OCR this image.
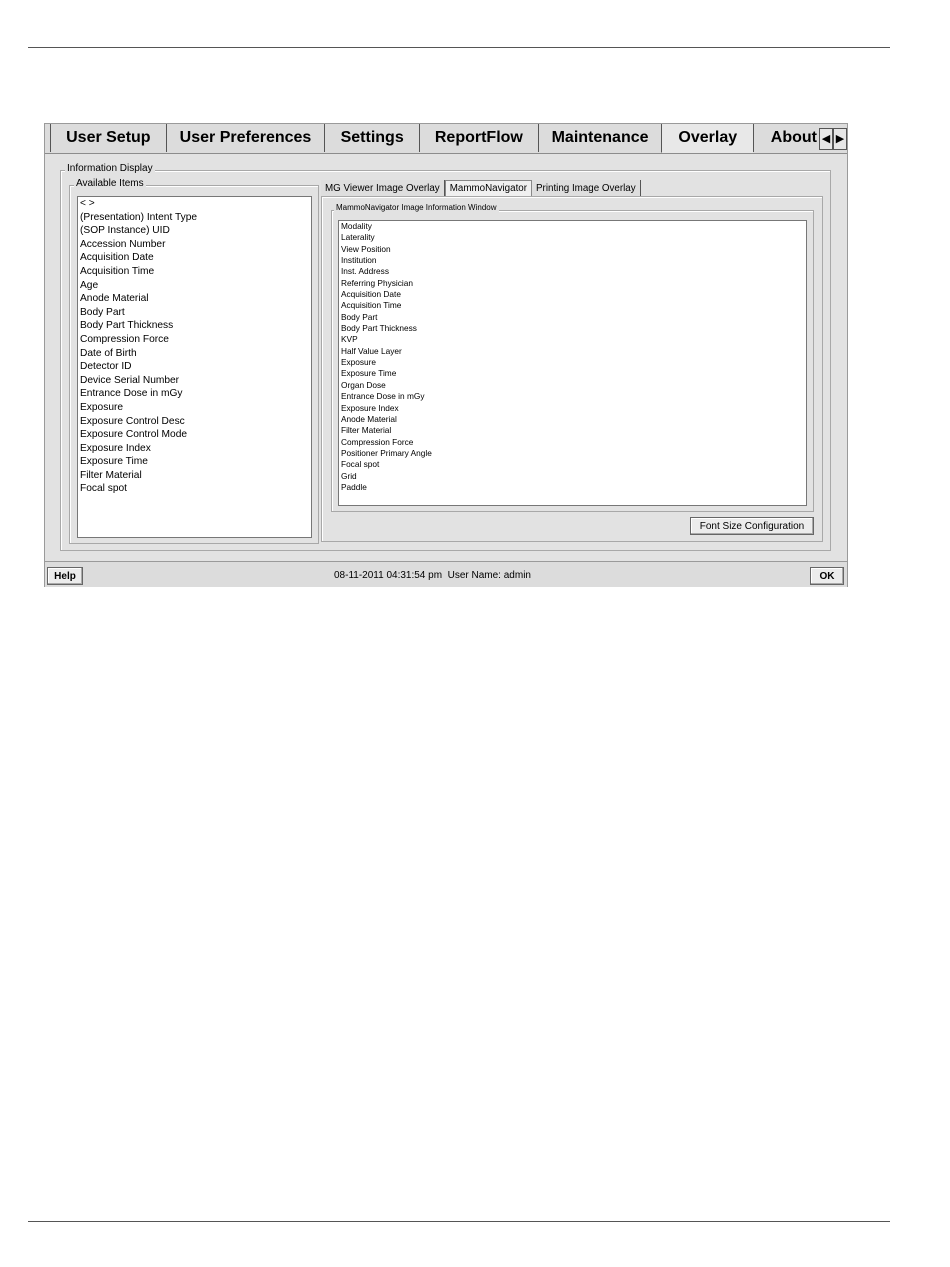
User Setup User Preferences Settings ReportFlow Maintenance Overlay About ◀ ▶
Information Display
Available Items
< >
(Presentation) Intent Type
(SOP Instance) UID
Accession Number
Acquisition Date
Acquisition Time
Age
Anode Material
Body Part
Body Part Thickness
Compression Force
Date of Birth
Detector ID
Device Serial Number
Entrance Dose in mGy
Exposure
Exposure Control Desc
Exposure Control Mode
Exposure Index
Exposure Time
Filter Material
Focal spot
MG Viewer Image Overlay MammoNavigator Printing Image Overlay
MammoNavigator Image Information Window
Modality
Laterality
View Position
Institution
Inst. Address
Referring Physician
Acquisition Date
Acquisition Time
Body Part
Body Part Thickness
KVP
Half Value Layer
Exposure
Exposure Time
Organ Dose
Entrance Dose in mGy
Exposure Index
Anode Material
Filter Material
Compression Force
Positioner Primary Angle
Focal spot
Grid
Paddle
Font Size Configuration
Help	08-11-2011 04:31:54 pm User Name: admin	OK
